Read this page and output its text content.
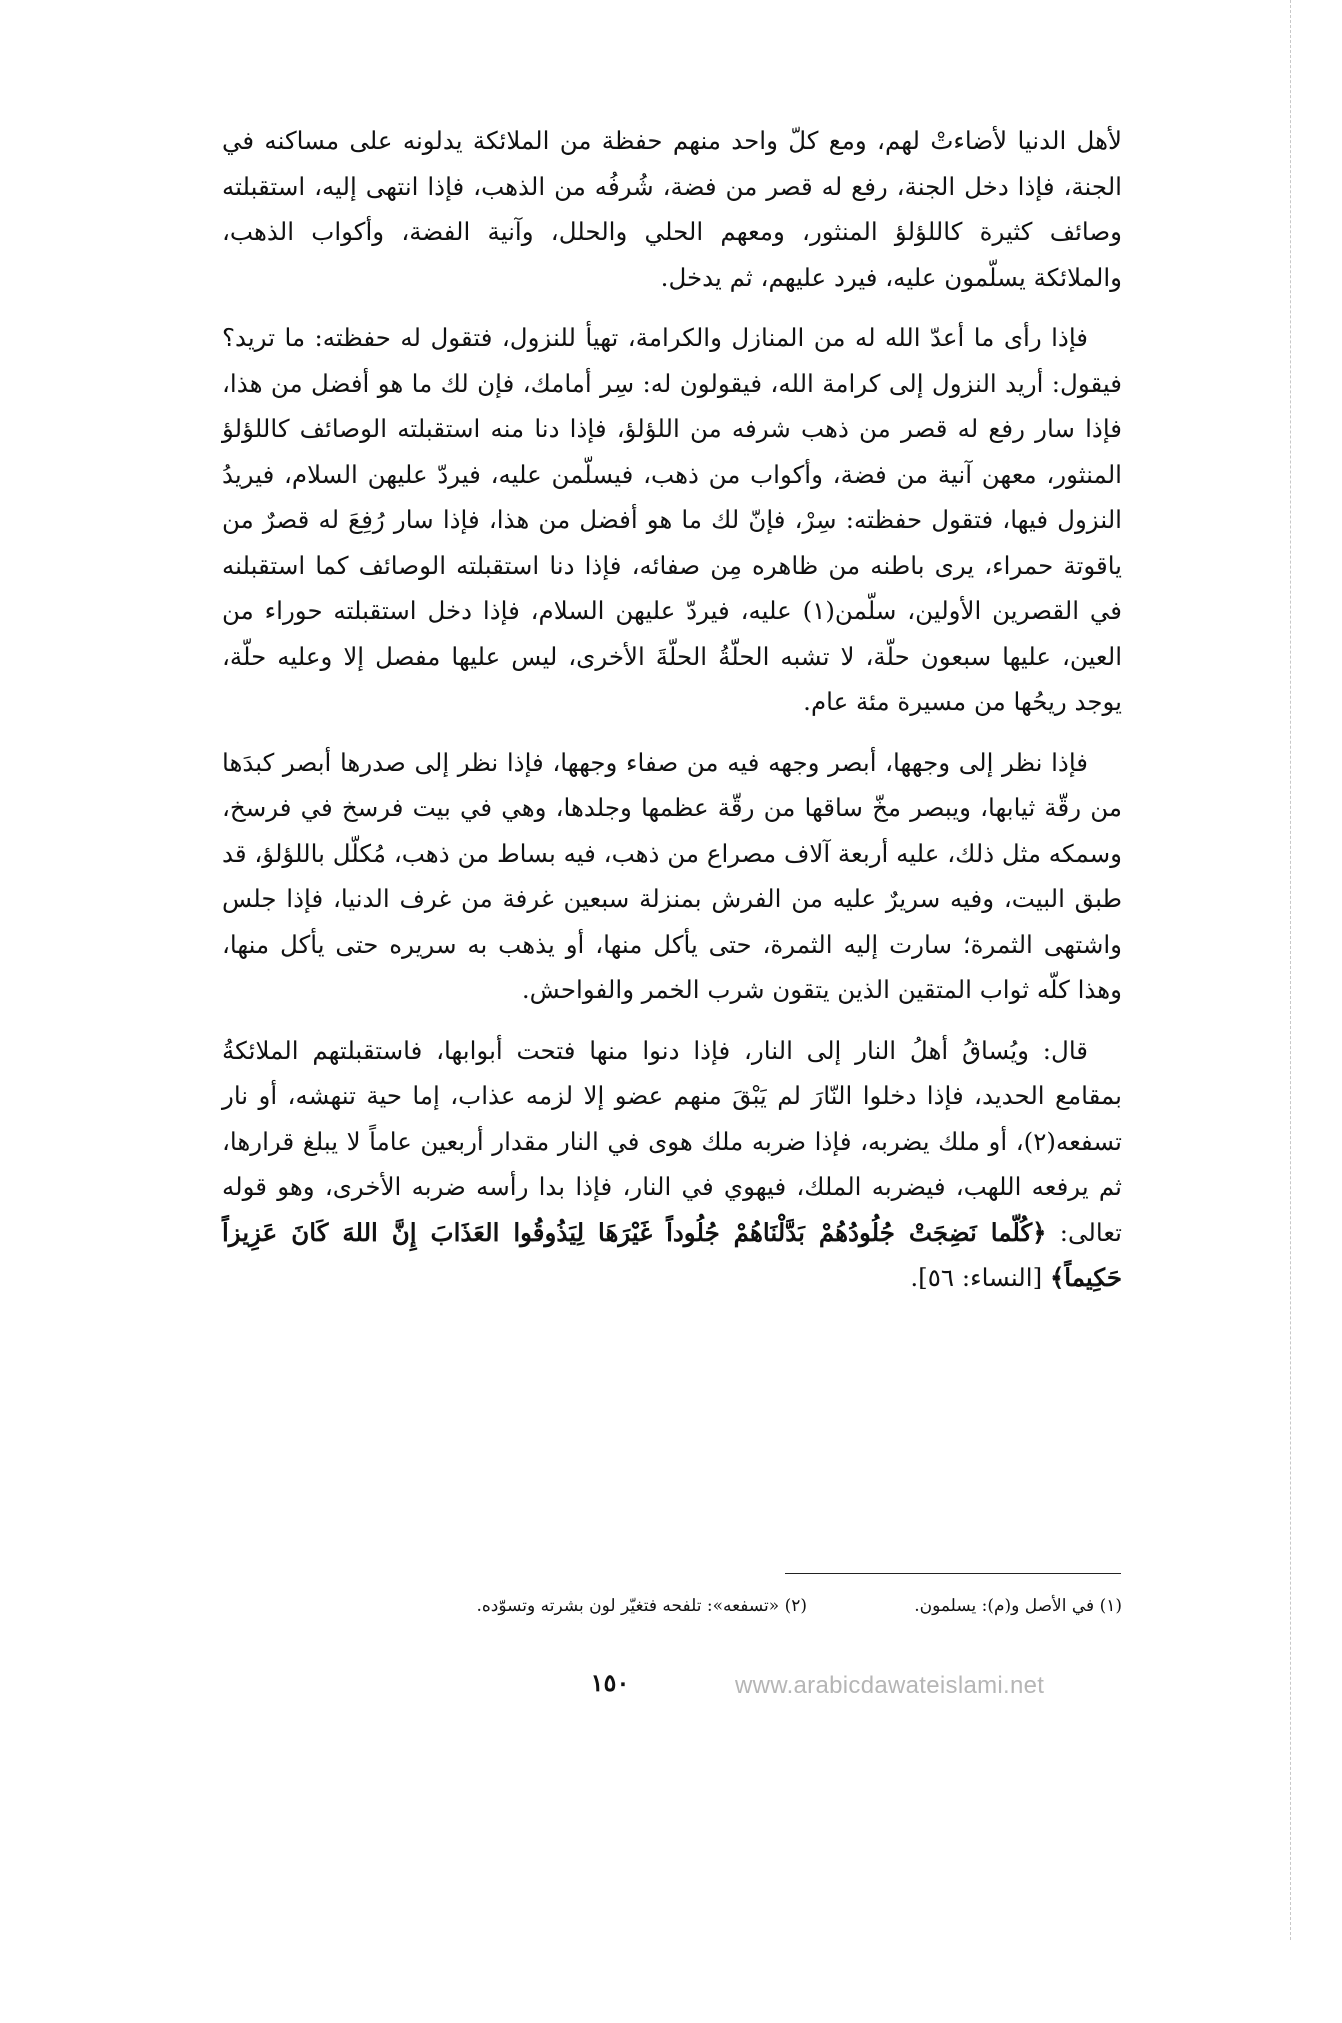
لأهل الدنيا لأضاءتْ لهم، ومع كلّ واحد منهم حفظة من الملائكة يدلونه على مساكنه في الجنة، فإذا دخل الجنة، رفع له قصر من فضة، شُرفُه من الذهب، فإذا انتهى إليه، استقبلته وصائف كثيرة كاللؤلؤ المنثور، ومعهم الحلي والحلل، وآنية الفضة، وأكواب الذهب، والملائكة يسلّمون عليه، فيرد عليهم، ثم يدخل.

فإذا رأى ما أعدّ الله له من المنازل والكرامة، تهيأ للنزول، فتقول له حفظته: ما تريد؟ فيقول: أريد النزول إلى كرامة الله، فيقولون له: سِر أمامك، فإن لك ما هو أفضل من هذا، فإذا سار رفع له قصر من ذهب شرفه من اللؤلؤ، فإذا دنا منه استقبلته الوصائف كاللؤلؤ المنثور، معهن آنية من فضة، وأكواب من ذهب، فيسلّمن عليه، فيردّ عليهن السلام، فيريدُ النزول فيها، فتقول حفظته: سِرْ، فإنّ لك ما هو أفضل من هذا، فإذا سار رُفِعَ له قصرٌ من ياقوتة حمراء، يرى باطنه من ظاهره مِن صفائه، فإذا دنا استقبلته الوصائف كما استقبلنه في القصرين الأولين، سلّمن(١) عليه، فيردّ عليهن السلام، فإذا دخل استقبلته حوراء من العين، عليها سبعون حلّة، لا تشبه الحلّةُ الحلّةَ الأخرى، ليس عليها مفصل إلا وعليه حلّة، يوجد ريحُها من مسيرة مئة عام.

فإذا نظر إلى وجهها، أبصر وجهه فيه من صفاء وجهها، فإذا نظر إلى صدرها أبصر كبدَها من رقّة ثيابها، ويبصر مخّ ساقها من رقّة عظمها وجلدها، وهي في بيت فرسخ في فرسخ، وسمكه مثل ذلك، عليه أربعة آلاف مصراع من ذهب، فيه بساط من ذهب، مُكلّل باللؤلؤ، قد طبق البيت، وفيه سريرٌ عليه من الفرش بمنزلة سبعين غرفة من غرف الدنيا، فإذا جلس واشتهى الثمرة؛ سارت إليه الثمرة، حتى يأكل منها، أو يذهب به سريره حتى يأكل منها، وهذا كلّه ثواب المتقين الذين يتقون شرب الخمر والفواحش.

قال: ويُساقُ أهلُ النار إلى النار، فإذا دنوا منها فتحت أبوابها، فاستقبلتهم الملائكةُ بمقامع الحديد، فإذا دخلوا النّارَ لم يَبْقَ منهم عضو إلا لزمه عذاب، إما حية تنهشه، أو نار تسفعه(٢)، أو ملك يضربه، فإذا ضربه ملك هوى في النار مقدار أربعين عاماً لا يبلغ قرارها، ثم يرفعه اللهب، فيضربه الملك، فيهوي في النار، فإذا بدا رأسه ضربه الأخرى، وهو قوله تعالى: ﴿كُلّما نَضِجَتْ جُلُودُهُمْ بَدَّلْنَاهُمْ جُلُوداً غَيْرَهَا لِيَذُوقُوا العَذَابَ إِنَّ اللهَ كَانَ عَزِيزاً حَكِيماً﴾ [النساء: ٥٦].

(١) في الأصل و(م): يسلمون.
(٢) «تسفعه»: تلفحه فتغيّر لون بشرته وتسوّده.
١٥٠	www.arabicdawateislami.net
